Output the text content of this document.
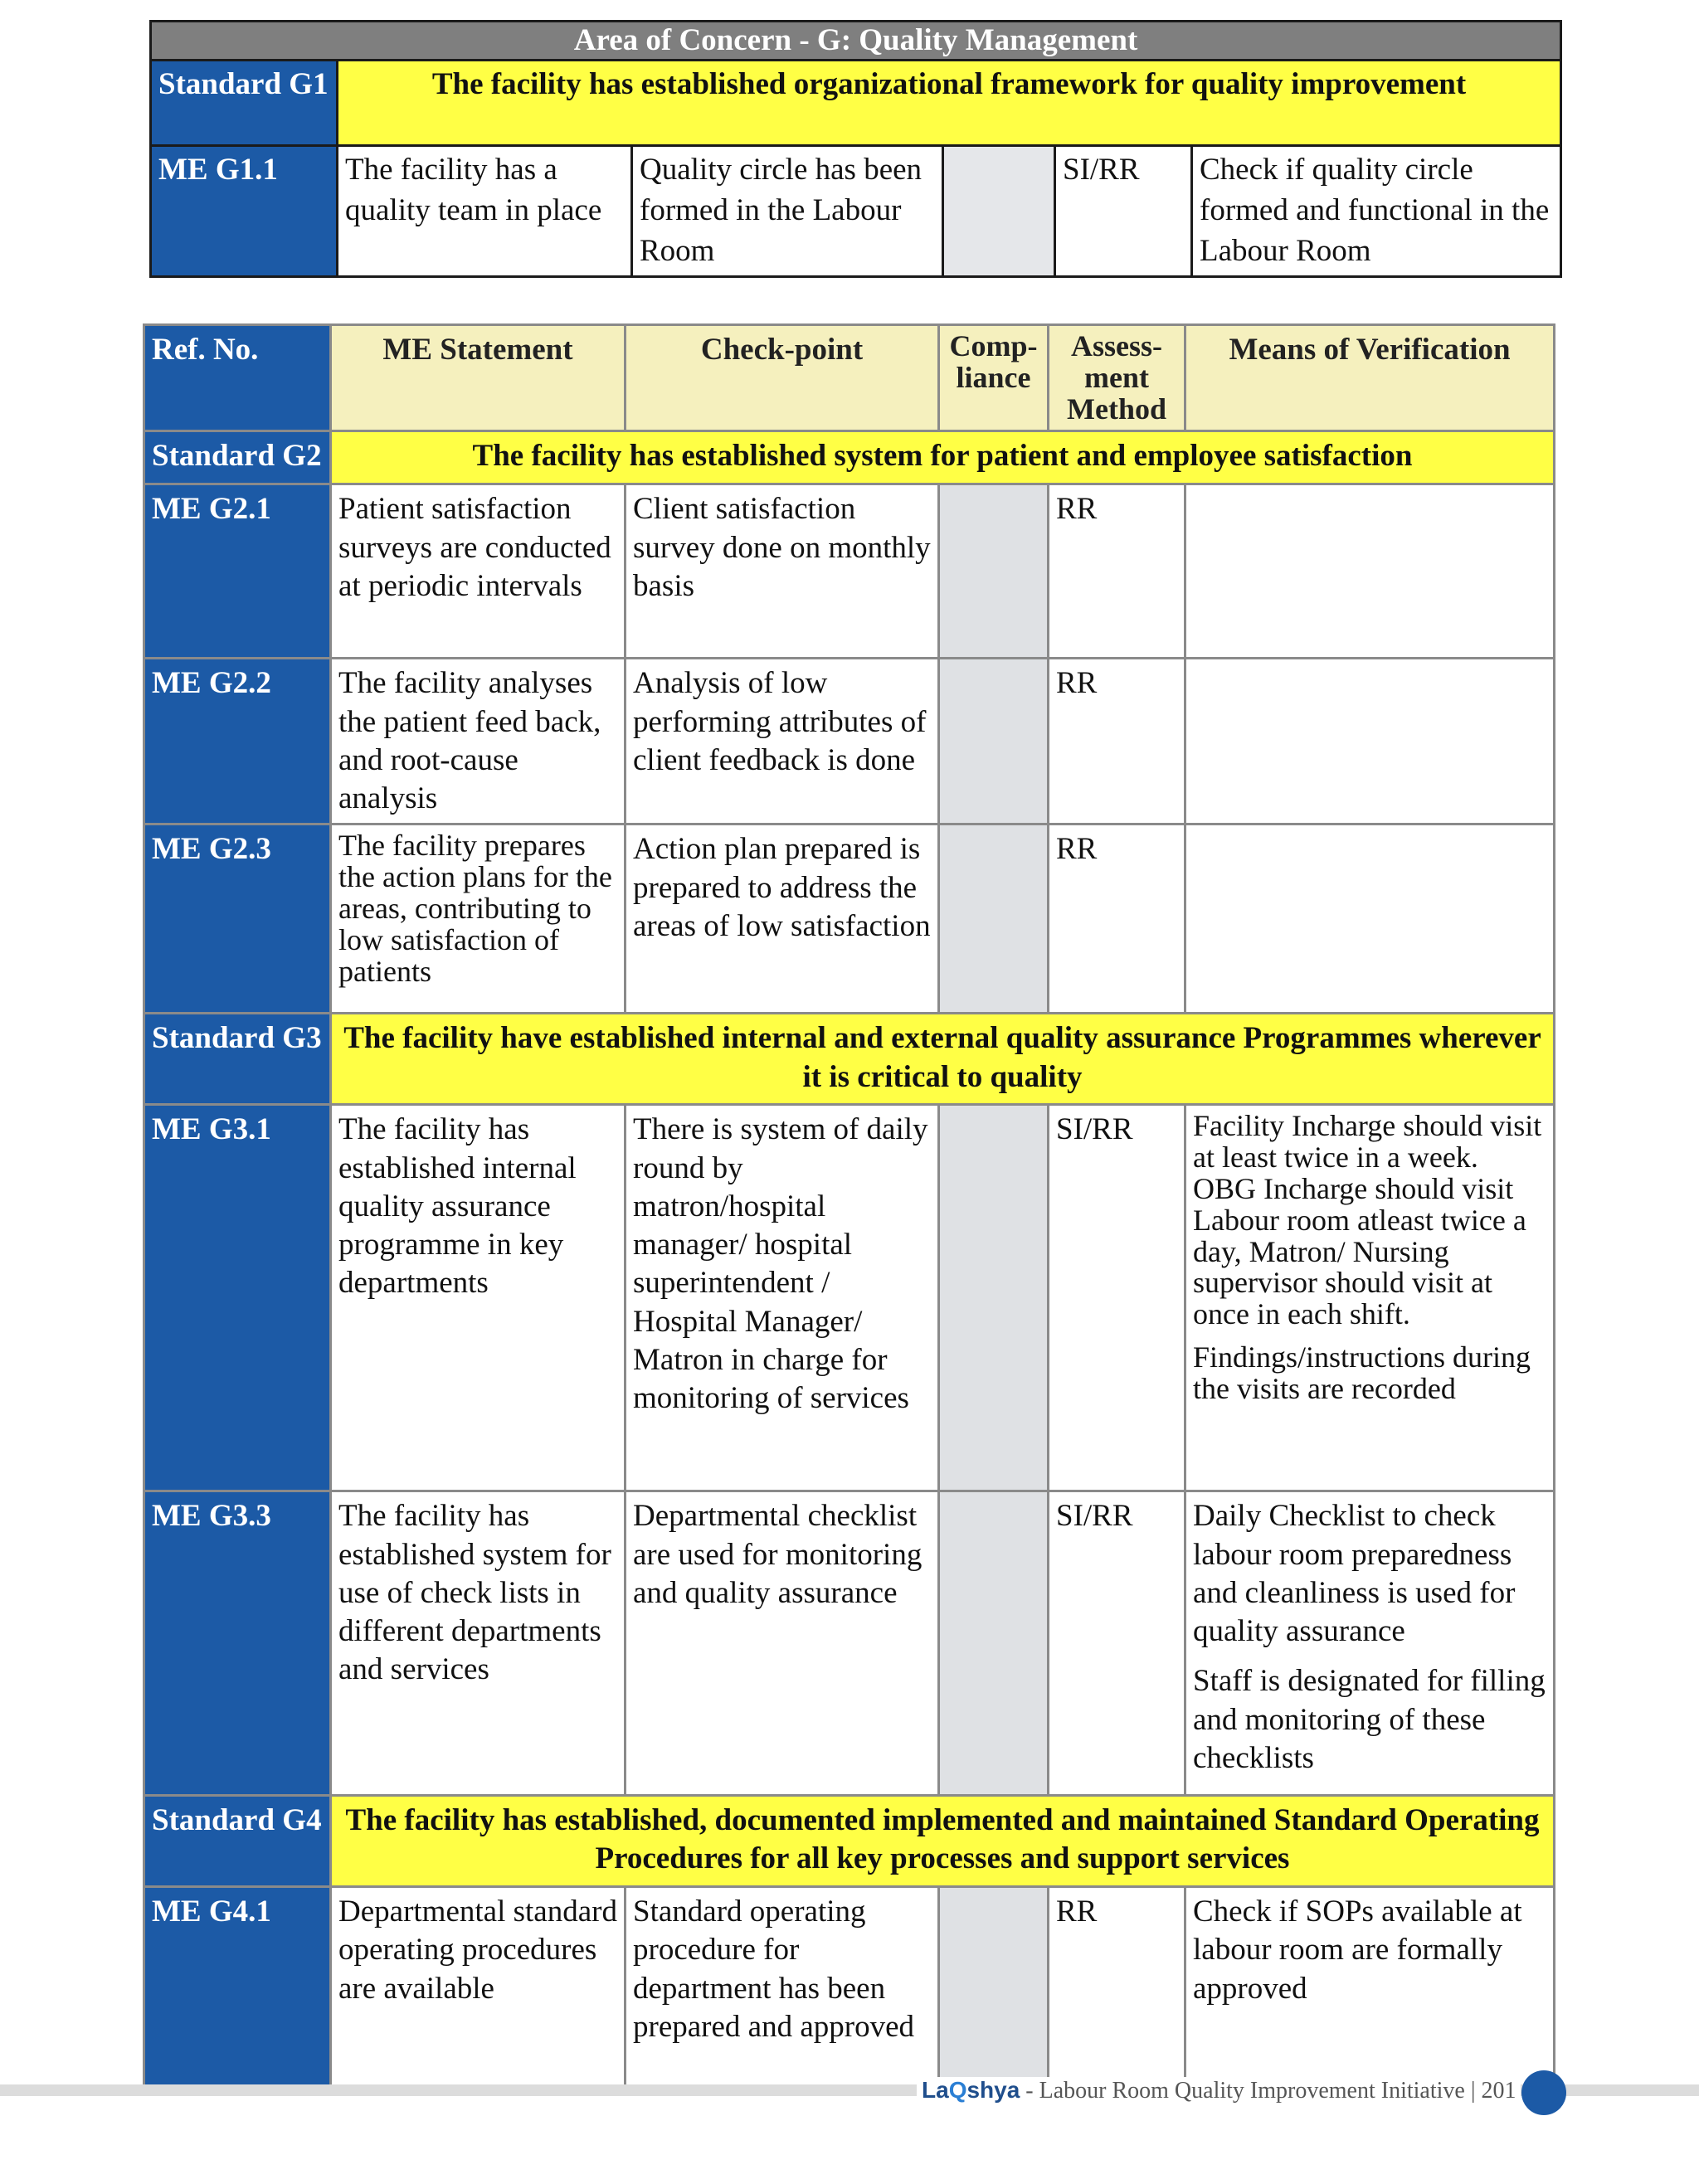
Area of Concern - G: Quality Management					
Standard G1	The facility has established organizational framework for quality improvement				
ME G1.1	The facility has a quality team in place	Quality circle has been formed in the Labour Room		SI/RR	Check if quality circle formed and functional in the Labour Room
Ref. No.	ME Statement	Check-point	Comp-liance	Assess-ment Method	Means of Verification
Standard G2	The facility has established system for patient and employee satisfaction				
ME G2.1	Patient satisfaction surveys are conducted at periodic intervals	Client satisfaction survey done on monthly basis		RR	
ME G2.2	The facility analyses the patient feed back, and root-cause analysis	Analysis of low performing attributes of client feedback is done		RR	
ME G2.3	The facility prepares the action plans for the areas, contributing to low satisfaction of patients	Action plan prepared is prepared to address the areas of low satisfaction		RR	
Standard G3	The facility have established internal and external quality assurance Programmes wherever it is critical to quality				
ME G3.1	The facility has established internal quality assurance programme in key departments	There is system of daily round by matron/hospital manager/ hospital superintendent / Hospital Manager/ Matron in charge for monitoring of services		SI/RR	Facility Incharge should visit at least twice in a week. OBG Incharge should visit Labour room atleast twice a day, Matron/ Nursing supervisor should visit at once in each shift.

Findings/instructions during the visits are recorded

ME G3.3	The facility has established system for use of check lists in different departments and services	Departmental checklist are used for monitoring and quality assurance		SI/RR	Daily Checklist to check labour room preparedness and cleanliness is used for quality assurance

Staff is designated for filling and monitoring of these checklists

Standard G4	The facility has established, documented implemented and maintained Standard Operating Procedures for all key processes and support services				
ME G4.1	Departmental standard operating procedures are available	Standard operating procedure for department has been prepared and approved		RR	Check if SOPs available at labour room are formally approved
LaQshya - Labour Room Quality Improvement Initiative | 201
